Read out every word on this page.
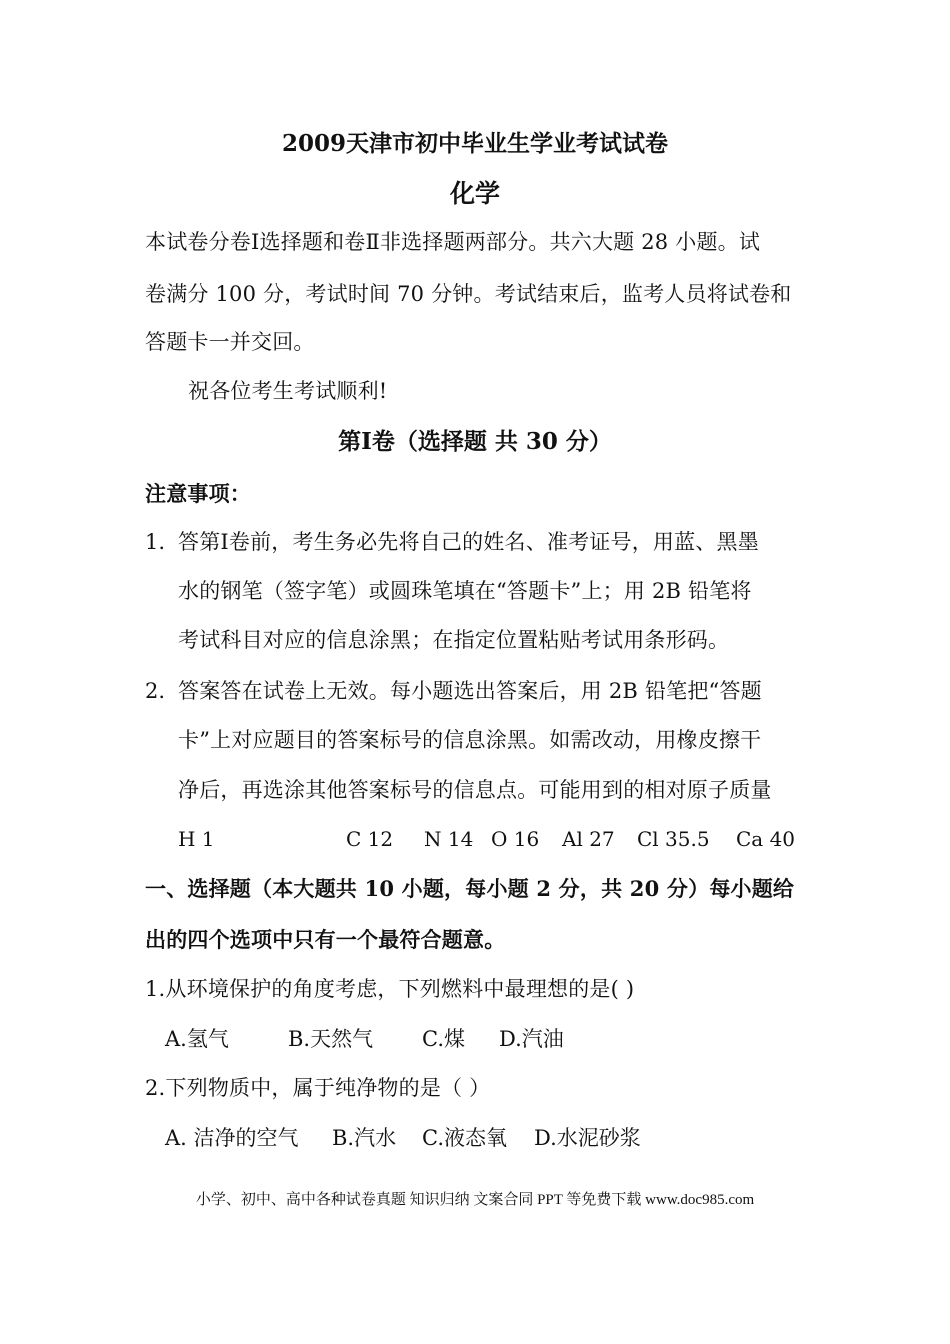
2009天津市初中毕业生学业考试试卷
化学
本试卷分卷Ⅰ选择题和卷Ⅱ非选择题两部分。共六大题 28 小题。试
卷满分 100 分，考试时间 70 分钟。考试结束后，监考人员将试卷和
答题卡一并交回。
祝各位考生考试顺利!
第Ⅰ卷（选择题 共 30 分）
注意事项：
1. 答第Ⅰ卷前，考生务必先将自己的姓名、准考证号，用蓝、黑墨
水的钢笔（签字笔）或圆珠笔填在“答题卡”上；用 2B 铅笔将
考试科目对应的信息涂黑；在指定位置粘贴考试用条形码。
2. 答案答在试卷上无效。每小题选出答案后，用 2B 铅笔把“答题
卡”上对应题目的答案标号的信息涂黑。如需改动，用橡皮擦干
净后，再选涂其他答案标号的信息点。可能用到的相对原子质量
H 1	C 12 N 14 O 16 Al 27 Cl 35.5 Ca 40
一、选择题（本大题共 10 小题，每小题 2 分，共 20 分）每小题给
出的四个选项中只有一个最符合题意。
1.从环境保护的角度考虑，下列燃料中最理想的是( )
A.氢气	B.天然气 C.煤 D.汽油
2.下列物质中，属于纯净物的是（ ）
A. 洁净的空气 B.汽水 C.液态氧 D.水泥砂浆
小学、初中、高中各种试卷真题 知识归纳 文案合同 PPT 等免费下载 www.doc985.com
